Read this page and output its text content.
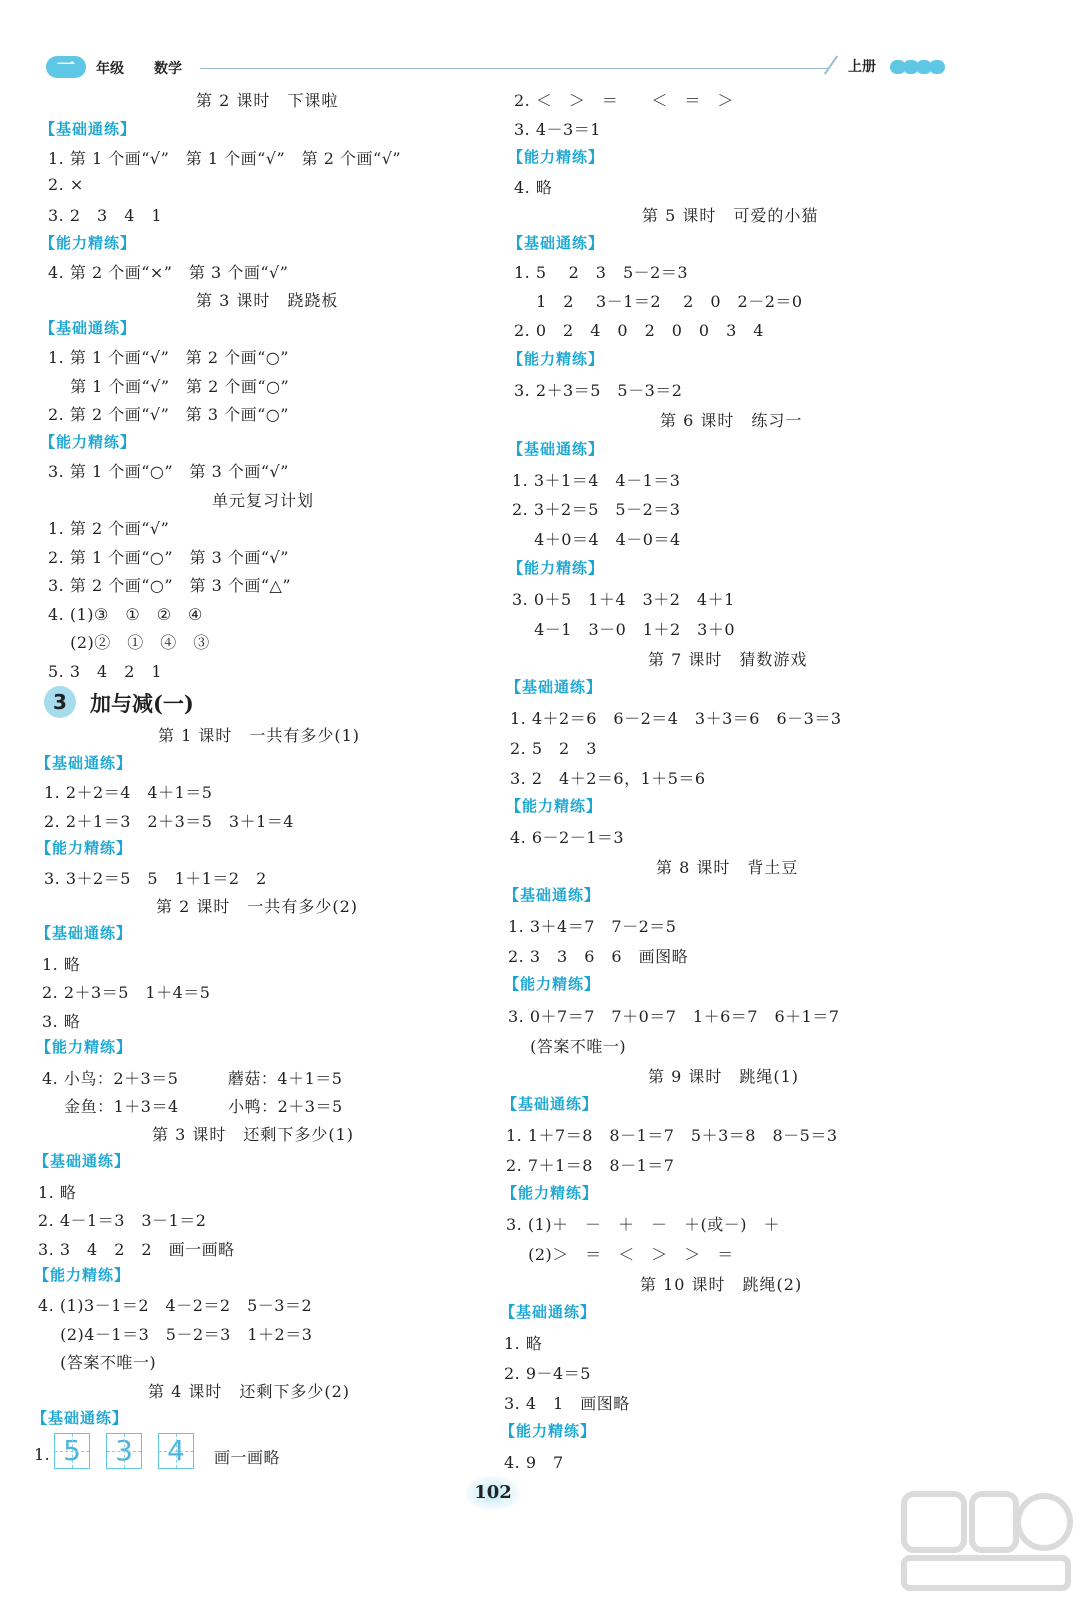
一	年级 数学	上册
第 2 课时　下课啦
【基础通练】
1. 第 1 个画“√”　第 1 个画“√”　第 2 个画“√”
2. ×
3. 2　3　4　1
【能力精练】
4. 第 2 个画“×”　第 3 个画“√”
第 3 课时　跷跷板
【基础通练】
1. 第 1 个画“√”　第 2 个画“○”
　 第 1 个画“√”　第 2 个画“○”
2. 第 2 个画“√”　第 3 个画“○”
【能力精练】
3. 第 1 个画“○”　第 3 个画“√”
单元复习计划
1. 第 2 个画“√”
2. 第 1 个画“○”　第 3 个画“√”
3. 第 2 个画“○”　第 3 个画“△”
4. (1)③　①　②　④
　 (2)②　①　④　③
5. 3　4　2　1
第 1 课时　一共有多少(1)
【基础通练】
1. 2＋2＝4　4＋1＝5
2. 2＋1＝3　2＋3＝5　3＋1＝4
【能力精练】
3. 3＋2＝5　5　1＋1＝2　2
第 2 课时　一共有多少(2)
【基础通练】
1. 略
2. 2＋3＝5　1＋4＝5
3. 略
【能力精练】
4. 小鸟：2＋3＝5　　　蘑菇：4＋1＝5
　 金鱼：1＋3＝4　　　小鸭：2＋3＝5
第 3 课时　还剩下多少(1)
【基础通练】
1. 略
2. 4－1＝3　3－1＝2
3. 3　4　2　2　画一画略
【能力精练】
4. (1)3－1＝2　4－2＝2　5－3＝2
　 (2)4－1＝3　5－2＝3　1＋2＝3
　 (答案不唯一)
第 4 课时　还剩下多少(2)
【基础通练】
1.	画一画略
2. ＜　＞　＝　　＜　＝　＞
3. 4－3＝1
【能力精练】
4. 略
第 5 课时　可爱的小猫
【基础通练】
1. 5　 2　3　5－2＝3
　 1　2　 3－1＝2　 2　0　2－2＝0
2. 0　2　4　0　2　0　0　3　4
【能力精练】
3. 2＋3＝5　5－3＝2
第 6 课时　练习一
【基础通练】
1. 3＋1＝4　4－1＝3
2. 3＋2＝5　5－2＝3
　 4＋0＝4　4－0＝4
【能力精练】
3. 0＋5　1＋4　3＋2　4＋1
　 4－1　3－0　1＋2　3＋0
第 7 课时　猜数游戏
【基础通练】
1. 4＋2＝6　6－2＝4　3＋3＝6　6－3＝3
2. 5　2　3
3. 2　4＋2＝6，1＋5＝6
【能力精练】
4. 6－2－1＝3
第 8 课时　背土豆
【基础通练】
1. 3＋4＝7　7－2＝5
2. 3　3　6　6　画图略
【能力精练】
3. 0＋7＝7　7＋0＝7　1＋6＝7　6＋1＝7
　 (答案不唯一)
第 9 课时　跳绳(1)
【基础通练】
1. 1＋7＝8　8－1＝7　5＋3＝8　8－5＝3
2. 7＋1＝8　8－1＝7
【能力精练】
3. (1)＋　－　＋　－　＋(或－)　＋
　 (2)＞　＝　＜　＞　＞　＝
第 10 课时　跳绳(2)
【基础通练】
1. 略
2. 9－4＝5
3. 4　1　画图略
【能力精练】
4. 9　7
3	加与减(一)
5	3	4
102
